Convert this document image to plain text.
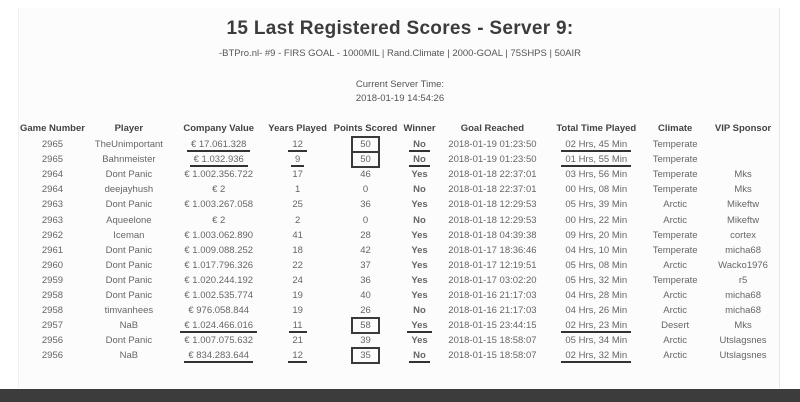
15 Last Registered Scores - Server 9:
-BTPro.nl- #9 - FIRS GOAL - 1000MIL | Rand.Climate | 2000-GOAL | 75SHPS | 50AIR
Current Server Time:
2018-01-19 14:54:26
Game Number	Player	Company Value	Years Played	Points Scored	Winner	Goal Reached	Total Time Played	Climate	VIP Sponsor
2965	TheUnimportant	€ 17.061.328	12	50	No	2018-01-19 01:23:50	02 Hrs, 45 Min	Temperate	
2965	Bahnmeister	€ 1.032.936	9	50	No	2018-01-19 01:23:50	01 Hrs, 55 Min	Temperate	
2964	Dont Panic	€ 1.002.356.722	17	46	Yes	2018-01-18 22:37:01	03 Hrs, 56 Min	Temperate	Mks
2964	deejayhush	€ 2	1	0	No	2018-01-18 22:37:01	00 Hrs, 08 Min	Temperate	Mks
2963	Dont Panic	€ 1.003.267.058	25	36	Yes	2018-01-18 12:29:53	05 Hrs, 39 Min	Arctic	Mikeftw
2963	Aqueelone	€ 2	2	0	No	2018-01-18 12:29:53	00 Hrs, 22 Min	Arctic	Mikeftw
2962	Iceman	€ 1.003.062.890	41	28	Yes	2018-01-18 04:39:38	09 Hrs, 20 Min	Temperate	cortex
2961	Dont Panic	€ 1.009.088.252	18	42	Yes	2018-01-17 18:36:46	04 Hrs, 10 Min	Temperate	micha68
2960	Dont Panic	€ 1.017.796.326	22	37	Yes	2018-01-17 12:19:51	05 Hrs, 08 Min	Arctic	Wacko1976
2959	Dont Panic	€ 1.020.244.192	24	36	Yes	2018-01-17 03:02:20	05 Hrs, 32 Min	Temperate	r5
2958	Dont Panic	€ 1.002.535.774	19	40	Yes	2018-01-16 21:17:03	04 Hrs, 28 Min	Arctic	micha68
2958	timvanhees	€ 976.058.844	19	26	No	2018-01-16 21:17:03	04 Hrs, 26 Min	Arctic	micha68
2957	NaB	€ 1.024.466.016	11	58	Yes	2018-01-15 23:44:15	02 Hrs, 23 Min	Desert	Mks
2956	Dont Panic	€ 1.007.075.632	21	39	Yes	2018-01-15 18:58:07	05 Hrs, 34 Min	Arctic	Utslagsnes
2956	NaB	€ 834.283.644	12	35	No	2018-01-15 18:58:07	02 Hrs, 32 Min	Arctic	Utslagsnes
